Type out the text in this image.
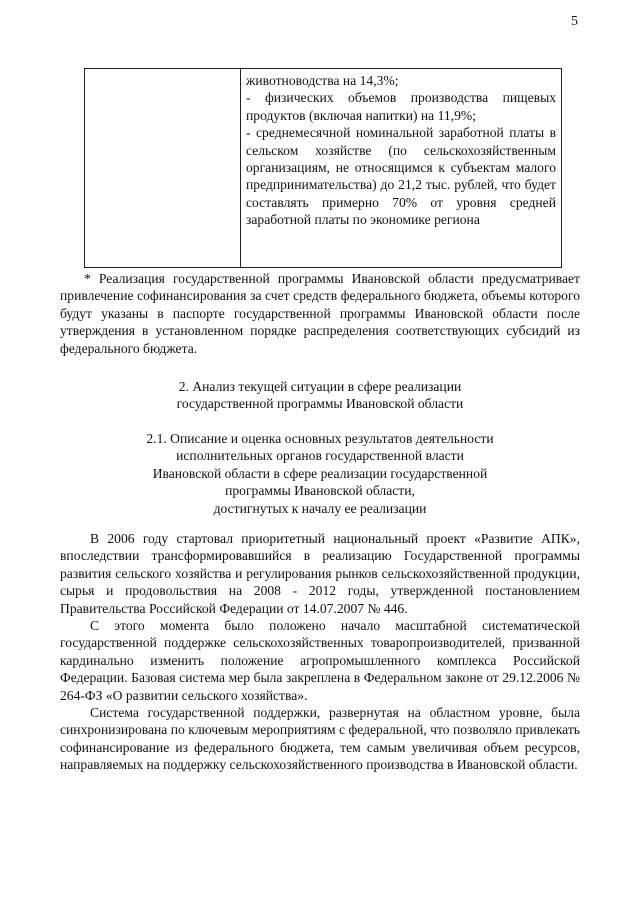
5

животноводства на 14,3%;

- физических объемов производства пищевых продуктов (включая напитки) на 11,9%;

- среднемесячной номинальной заработной платы в сельском хозяйстве (по сельскохозяйственным организациям, не относящимся к субъектам малого предпринимательства) до 21,2 тыс. рублей, что будет составлять примерно 70% от уровня средней заработной платы по экономике региона

* Реализация государственной программы Ивановской области предусматривает привлечение софинансирования за счет средств федерального бюджета, объемы которого будут указаны в паспорте государственной программы Ивановской области после утверждения в установленном порядке распределения соответствующих субсидий из федерального бюджета.

2. Анализ текущей ситуации в сфере реализации
государственной программы Ивановской области
2.1. Описание и оценка основных результатов деятельности
исполнительных органов государственной власти
Ивановской области в сфере реализации государственной
программы Ивановской области,
достигнутых к началу ее реализации

В 2006 году стартовал приоритетный национальный проект «Развитие АПК», впоследствии трансформировавшийся в реализацию Государственной программы развития сельского хозяйства и регулирования рынков сельскохозяйственной продукции, сырья и продовольствия на 2008 - 2012 годы, утвержденной постановлением Правительства Российской Федерации от 14.07.2007 № 446.

С этого момента было положено начало масштабной систематической государственной поддержке сельскохозяйственных товаропроизводителей, призванной кардинально изменить положение агропромышленного комплекса Российской Федерации. Базовая система мер была закреплена в Федеральном законе от 29.12.2006 № 264-ФЗ «О развитии сельского хозяйства».

Система государственной поддержки, развернутая на областном уровне, была синхронизирована по ключевым мероприятиям с федеральной, что позволяло привлекать софинансирование из федерального бюджета, тем самым увеличивая объем ресурсов, направляемых на поддержку сельскохозяйственного производства в Ивановской области.
